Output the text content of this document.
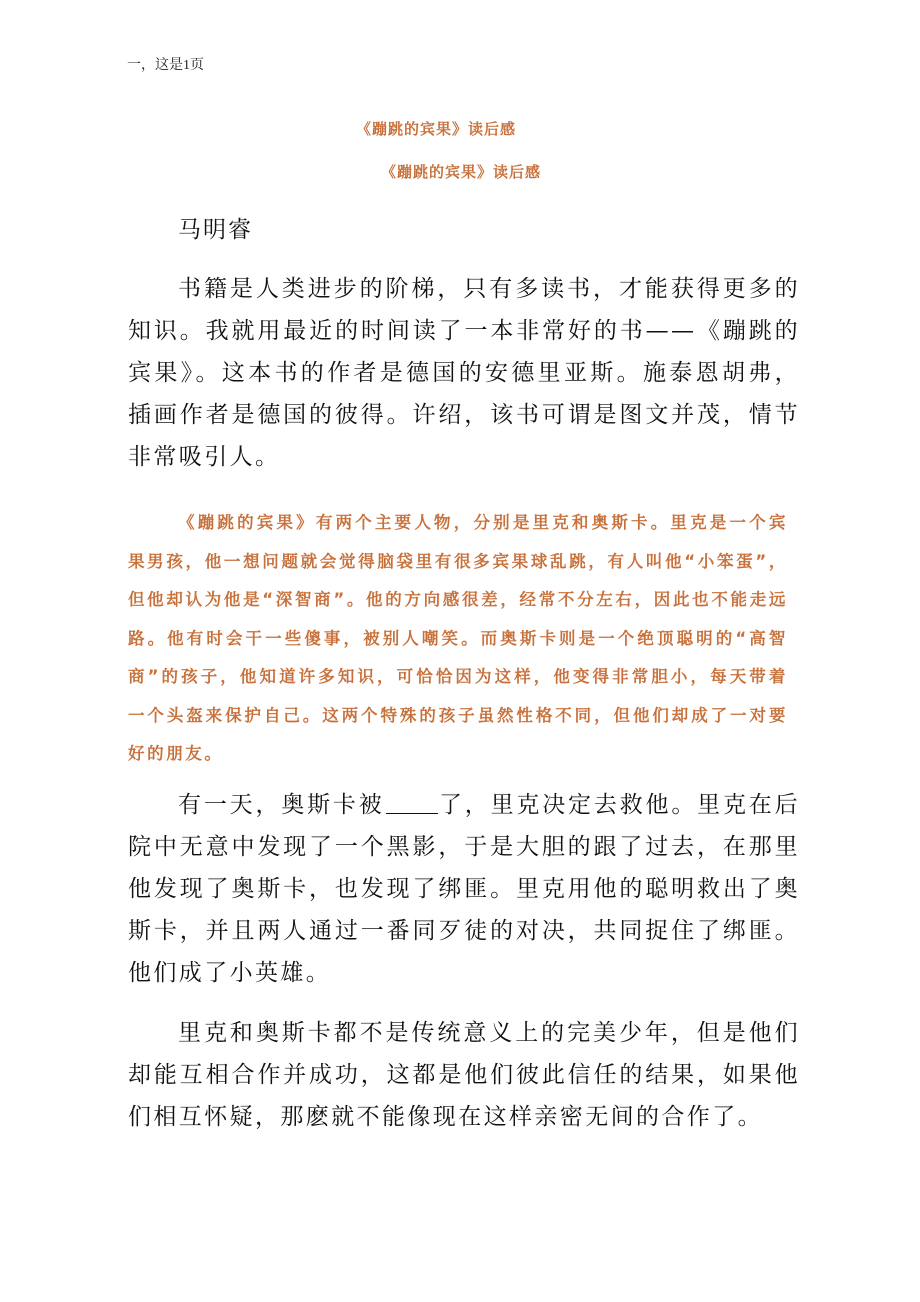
一，这是1页
《蹦跳的宾果》读后感
《蹦跳的宾果》读后感
马明睿

书籍是人类进步的阶梯，只有多读书，才能获得更多的知识。我就用最近的时间读了一本非常好的书——《蹦跳的宾果》。这本书的作者是德国的安德里亚斯。施泰恩胡弗，插画作者是德国的彼得。许绍，该书可谓是图文并茂，情节非常吸引人。

《蹦跳的宾果》有两个主要人物，分别是里克和奥斯卡。里克是一个宾果男孩，他一想问题就会觉得脑袋里有很多宾果球乱跳，有人叫他“小笨蛋”，但他却认为他是“深智商”。他的方向感很差，经常不分左右，因此也不能走远路。他有时会干一些傻事，被别人嘲笑。而奥斯卡则是一个绝顶聪明的“高智商”的孩子，他知道许多知识，可恰恰因为这样，他变得非常胆小，每天带着一个头盔来保护自己。这两个特殊的孩子虽然性格不同，但他们却成了一对要好的朋友。

有一天，奥斯卡被 了，里克决定去救他。里克在后院中无意中发现了一个黑影，于是大胆的跟了过去，在那里他发现了奥斯卡，也发现了绑匪。里克用他的聪明救出了奥斯卡，并且两人通过一番同歹徒的对决，共同捉住了绑匪。他们成了小英雄。

里克和奥斯卡都不是传统意义上的完美少年，但是他们却能互相合作并成功，这都是他们彼此信任的结果，如果他们相互怀疑，那麽就不能像现在这样亲密无间的合作了。
